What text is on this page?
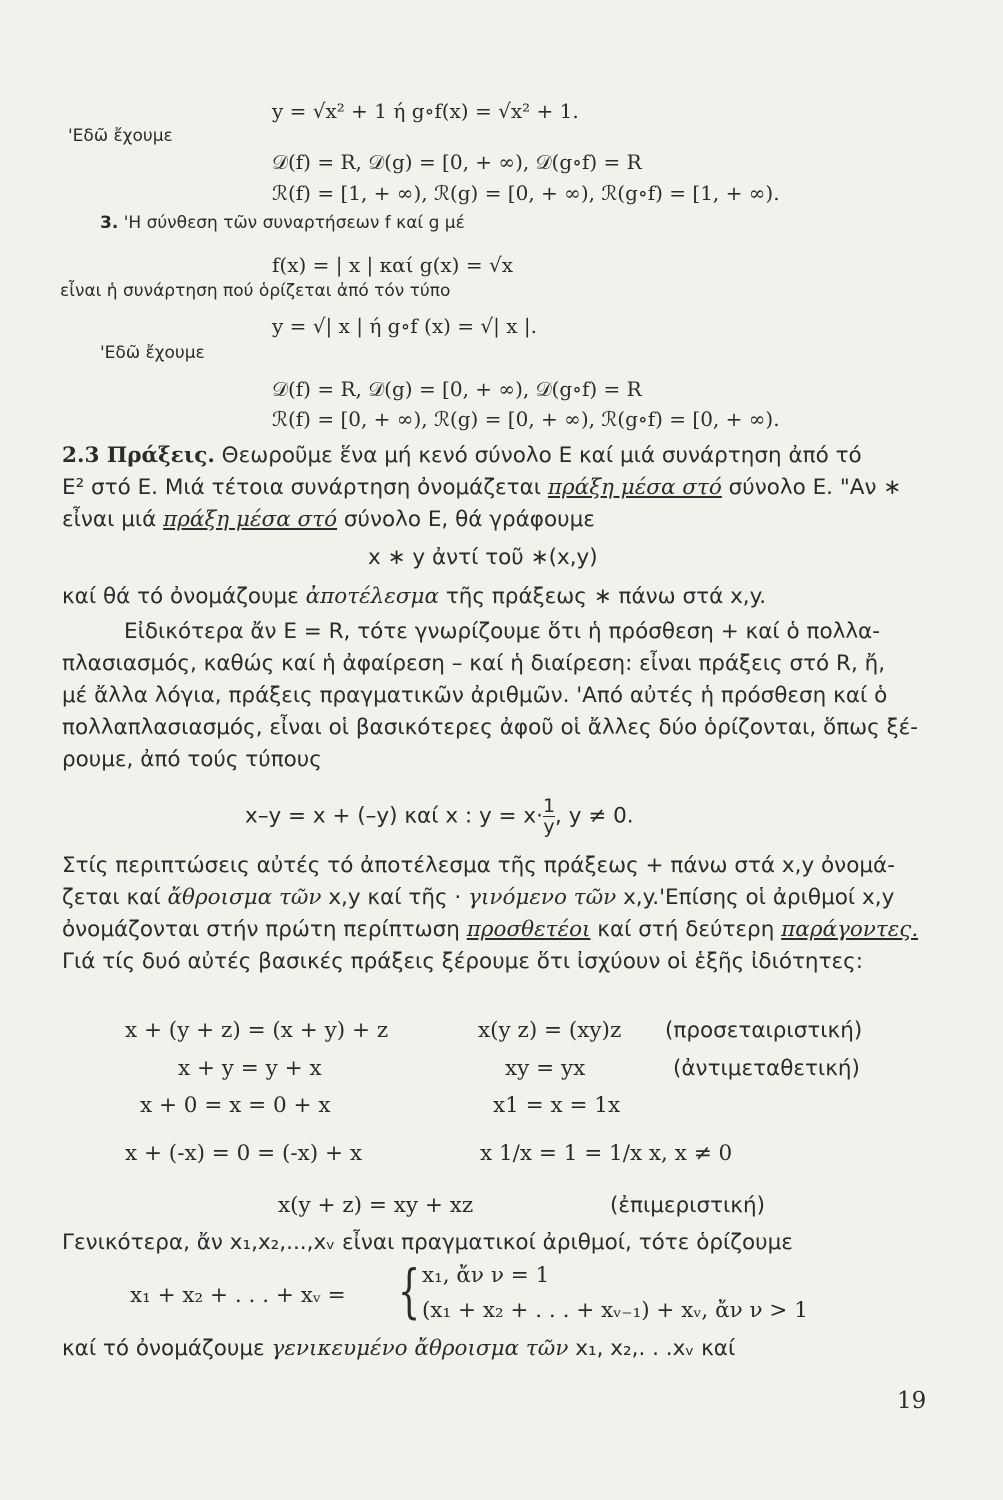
y = √x² + 1 ή g∘f(x) = √x² + 1.
'Εδῶ ἔχουμε
𝒟(f) = R, 𝒟(g) = [0, + ∞), 𝒟(g∘f) = R
ℛ(f) = [1, + ∞), ℛ(g) = [0, + ∞), ℛ(g∘f) = [1, + ∞).
3. 'Η σύνθεση τῶν συναρτήσεων f καί g μέ
f(x) = | x | καί g(x) = √x
εἶναι ἡ συνάρτηση πού ὁρίζεται ἀπό τόν τύπο
y = √| x | ή g∘f (x) = √| x |.
'Εδῶ ἔχουμε
𝒟(f) = R, 𝒟(g) = [0, + ∞), 𝒟(g∘f) = R
ℛ(f) = [0, + ∞), ℛ(g) = [0, + ∞), ℛ(g∘f) = [0, + ∞).
2.3 Πράξεις. Θεωροῦμε ἕνα μή κενό σύνολο Ε καί μιά συνάρτηση ἀπό τό
Ε² στό Ε. Μιά τέτοια συνάρτηση ὀνομάζεται πράξη μέσα στό σύνολο Ε. "Αν ∗
εἶναι μιά πράξη μέσα στό σύνολο Ε, θά γράφουμε
x ∗ y ἀντί τοῦ ∗(x,y)
καί θά τό ὀνομάζουμε ἀποτέλεσμα τῆς πράξεως ∗ πάνω στά x,y.
Εἰδικότερα ἄν Ε = R, τότε γνωρίζουμε ὅτι ἡ πρόσθεση + καί ὁ πολλα-
πλασιασμός, καθώς καί ἡ ἀφαίρεση – καί ἡ διαίρεση: εἶναι πράξεις στό R, ἤ,
μέ ἄλλα λόγια, πράξεις πραγματικῶν ἀριθμῶν. 'Από αὐτές ἡ πρόσθεση καί ὁ
πολλαπλασιασμός, εἶναι οἱ βασικότερες ἀφοῦ οἱ ἄλλες δύο ὁρίζονται, ὅπως ξέ-
ρουμε, ἀπό τούς τύπους
x–y = x + (–y) καί x : $y = x\cdot \frac{1}{y}$ , y ≠ 0.
Στίς περιπτώσεις αὐτές τό ἀποτέλεσμα τῆς πράξεως + πάνω στά x,y ὀνομά-
ζεται καί ἄθροισμα τῶν x,y καί τῆς · γινόμενο τῶν x,y.'Επίσης οἱ ἀριθμοί x,y
ὀνομάζονται στήν πρώτη περίπτωση προσθετέοι καί στή δεύτερη παράγοντες.
Γιά τίς δυό αὐτές βασικές πράξεις ξέρουμε ὅτι ἰσχύουν οἱ ἑξῆς ἰδιότητες:
x + (y + z) = (x + y) + z	x(y z) = (xy)z (προσεταιριστική)
x + y = y + x	xy = yx	(ἀντιμεταθετική)
x + 0 = x = 0 + x	x1 = x = 1x
x + (-x) = 0 = (-x) + x	x 1/x = 1 = 1/x x, x ≠ 0
x(y + z) = xy + xz	(ἐπιμεριστική)
Γενικότερα, ἄν x₁,x₂,...,xᵥ εἶναι πραγματικοί ἀριθμοί, τότε ὁρίζουμε
x₁ + x₂ + . . . + xᵥ = { x₁, ἄν ν = 1
(x₁ + x₂ + . . . + xᵥ₋₁) + xᵥ, ἄν ν > 1
καί τό ὀνομάζουμε γενικευμένο ἄθροισμα τῶν x₁, x₂,. . .xᵥ καί
19
